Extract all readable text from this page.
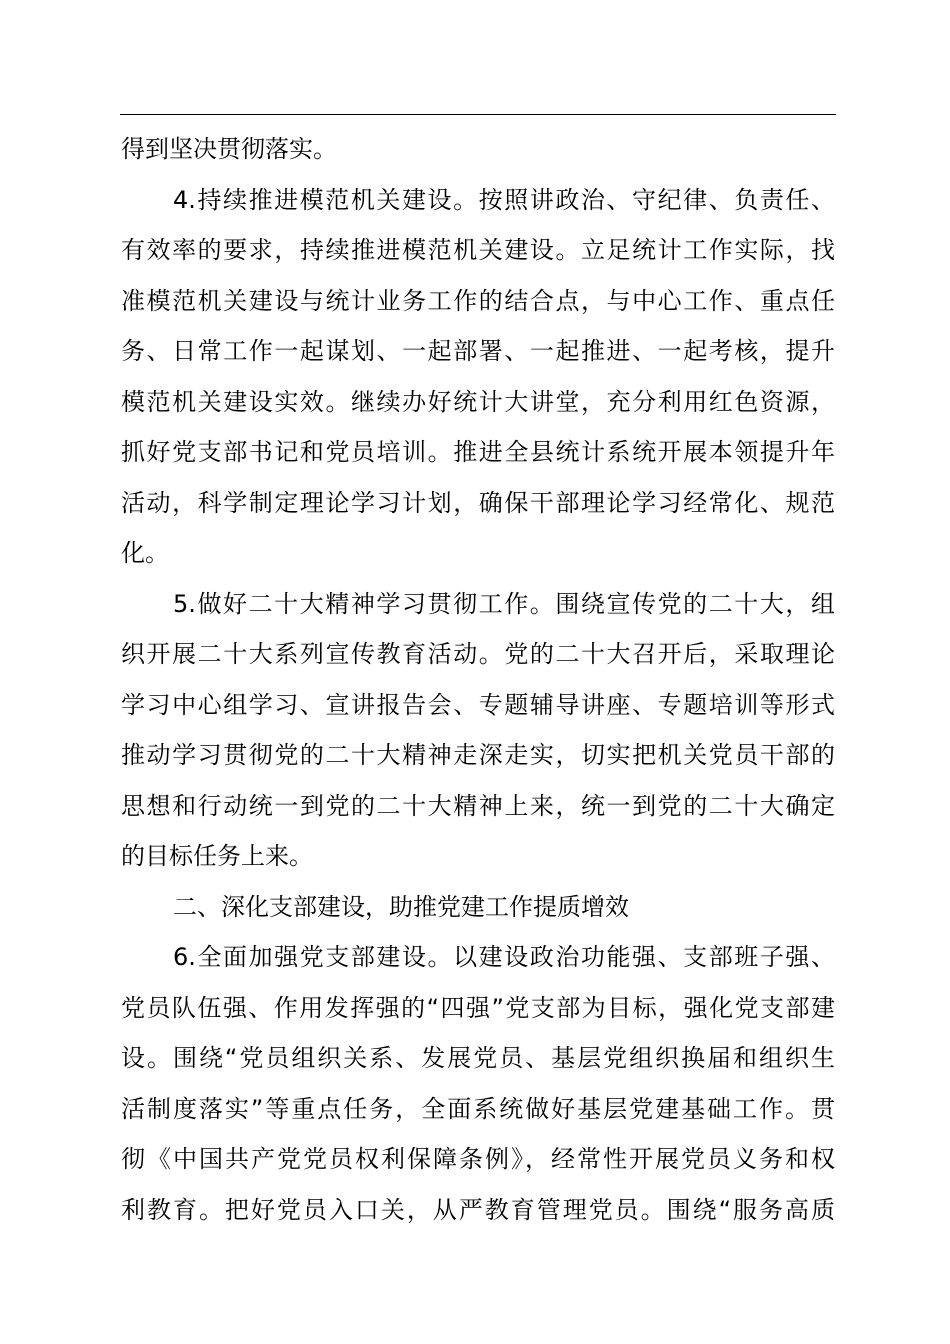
得到坚决贯彻落实。
4.持续推进模范机关建设。按照讲政治、守纪律、负责任、
有效率的要求，持续推进模范机关建设。立足统计工作实际，找
准模范机关建设与统计业务工作的结合点，与中心工作、重点任
务、日常工作一起谋划、一起部署、一起推进、一起考核，提升
模范机关建设实效。继续办好统计大讲堂，充分利用红色资源，
抓好党支部书记和党员培训。推进全县统计系统开展本领提升年
活动，科学制定理论学习计划，确保干部理论学习经常化、规范
化。
5.做好二十大精神学习贯彻工作。围绕宣传党的二十大，组
织开展二十大系列宣传教育活动。党的二十大召开后，采取理论
学习中心组学习、宣讲报告会、专题辅导讲座、专题培训等形式
推动学习贯彻党的二十大精神走深走实，切实把机关党员干部的
思想和行动统一到党的二十大精神上来，统一到党的二十大确定
的目标任务上来。
二、深化支部建设，助推党建工作提质增效
6.全面加强党支部建设。以建设政治功能强、支部班子强、
党员队伍强、作用发挥强的“四强”党支部为目标，强化党支部建
设。围绕“党员组织关系、发展党员、基层党组织换届和组织生
活制度落实”等重点任务，全面系统做好基层党建基础工作。贯
彻《中国共产党党员权利保障条例》，经常性开展党员义务和权
利教育。把好党员入口关，从严教育管理党员。围绕“服务高质
